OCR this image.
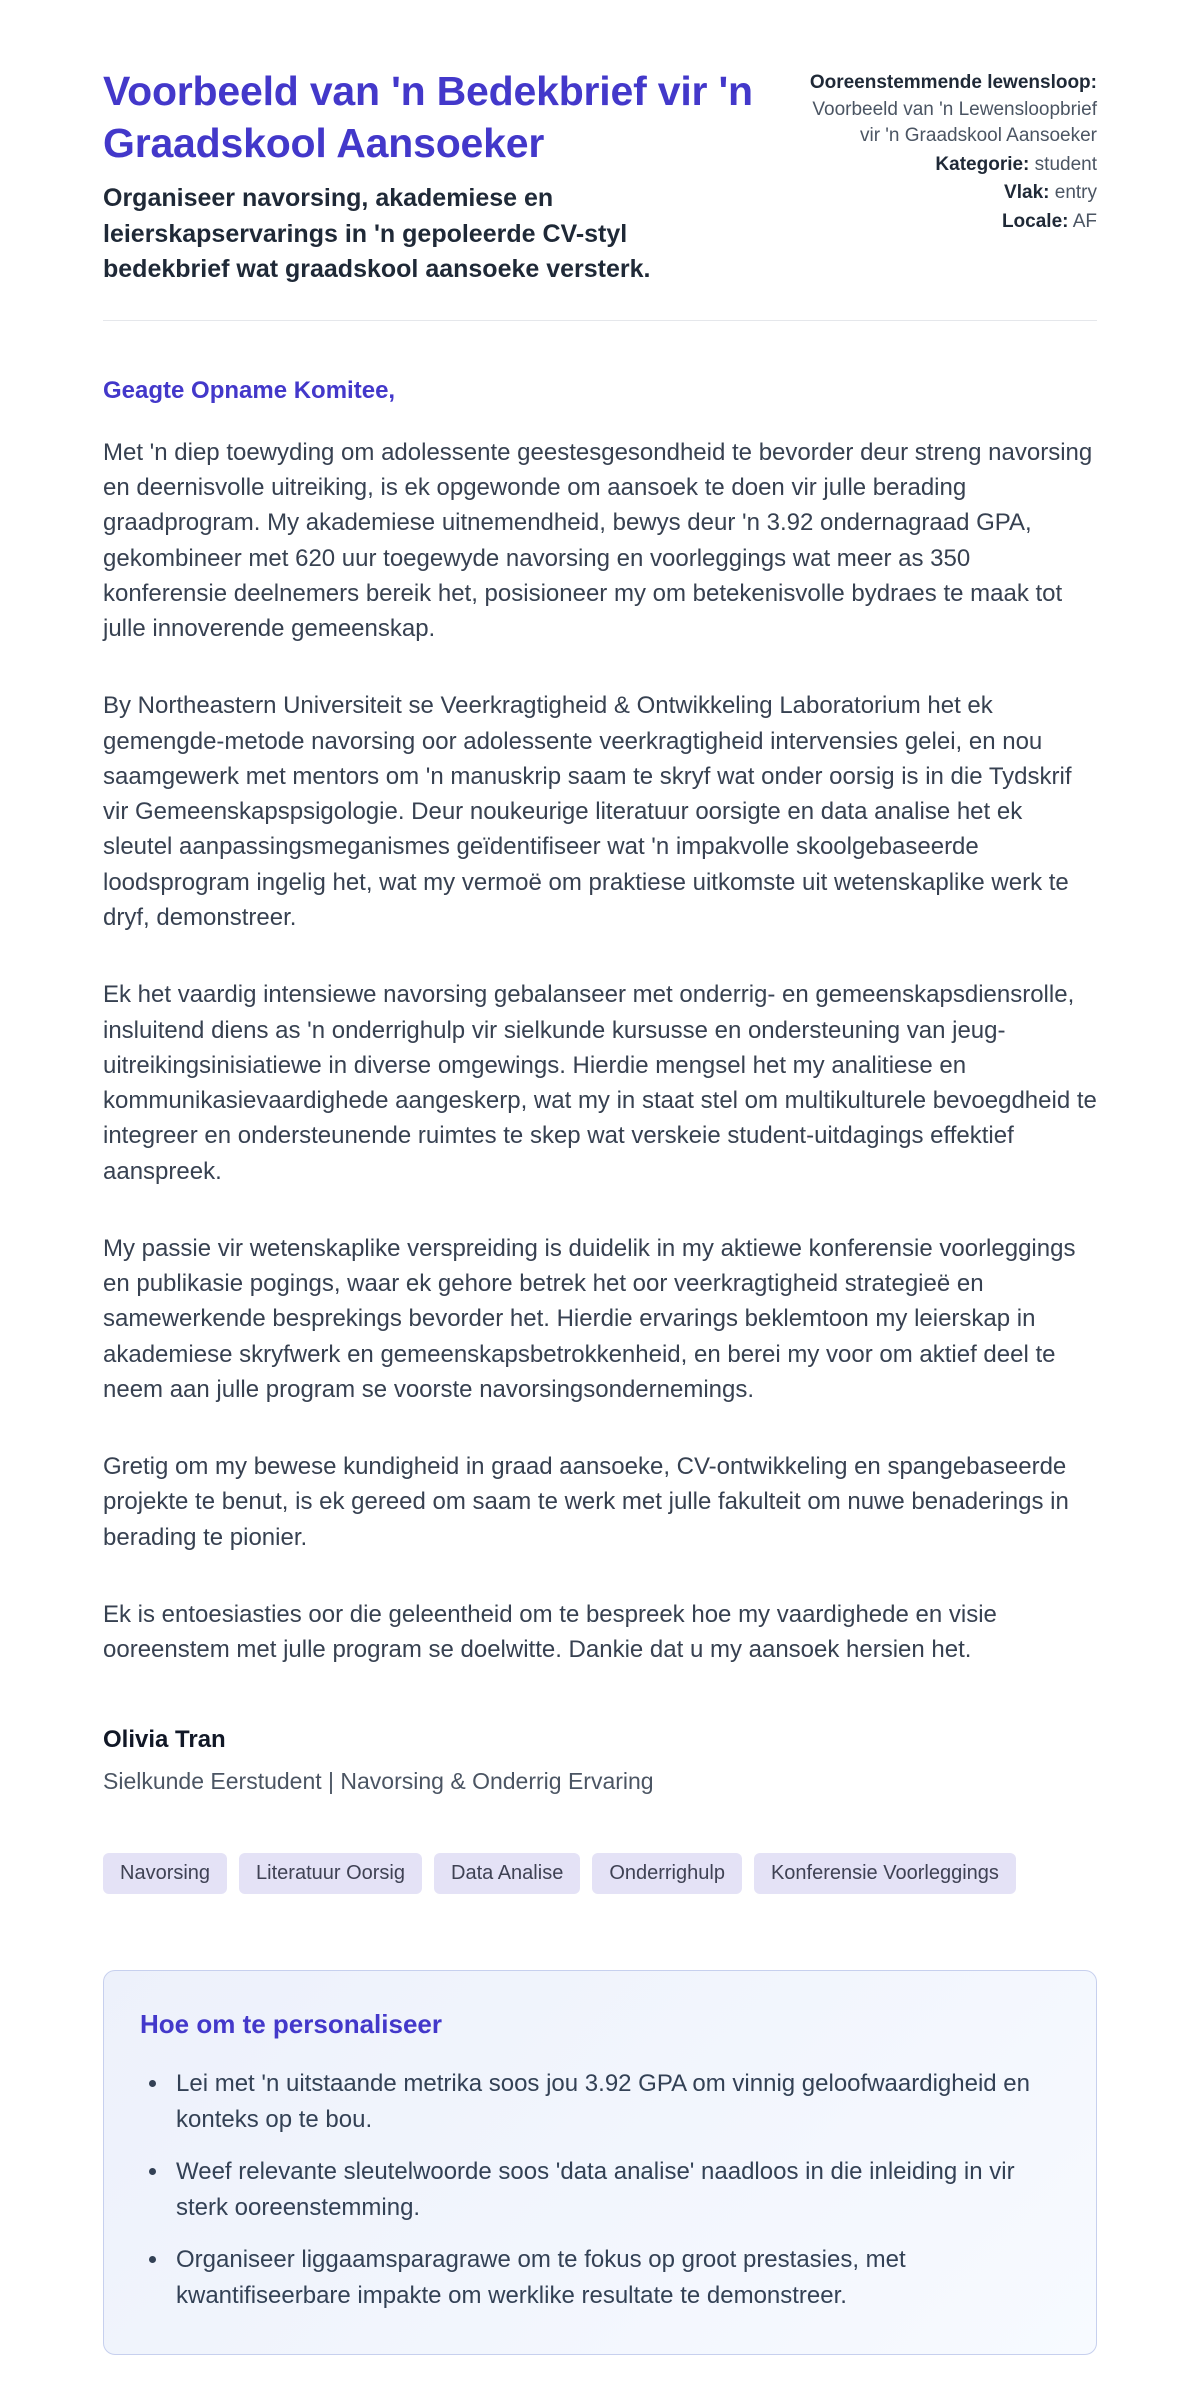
Voorbeeld van 'n Bedekbrief vir 'n Graadskool Aansoeker

Organiseer navorsing, akademiese en leierskapservarings in 'n gepoleerde CV-styl bedekbrief wat graadskool aansoeke versterk.

Ooreenstemmende lewensloop: Voorbeeld van 'n Lewensloopbrief vir 'n Graadskool Aansoeker
Kategorie: student
Vlak: entry
Locale: AF

Geagte Opname Komitee,

Met 'n diep toewyding om adolessente geestesgesondheid te bevorder deur streng navorsing en deernisvolle uitreiking, is ek opgewonde om aansoek te doen vir julle berading graadprogram. My akademiese uitnemendheid, bewys deur 'n 3.92 ondernagraad GPA, gekombineer met 620 uur toegewyde navorsing en voorleggings wat meer as 350 konferensie deelnemers bereik het, posisioneer my om betekenisvolle bydraes te maak tot julle innoverende gemeenskap.

By Northeastern Universiteit se Veerkragtigheid & Ontwikkeling Laboratorium het ek gemengde-metode navorsing oor adolessente veerkragtigheid intervensies gelei, en nou saamgewerk met mentors om 'n manuskrip saam te skryf wat onder oorsig is in die Tydskrif vir Gemeenskapspsigologie. Deur noukeurige literatuur oorsigte en data analise het ek sleutel aanpassingsmeganismes geïdentifiseer wat 'n impakvolle skoolgebaseerde loodsprogram ingelig het, wat my vermoë om praktiese uitkomste uit wetenskaplike werk te dryf, demonstreer.

Ek het vaardig intensiewe navorsing gebalanseer met onderrig- en gemeenskapsdiensrolle, insluitend diens as 'n onderrighulp vir sielkunde kursusse en ondersteuning van jeug-uitreikingsinisiatiewe in diverse omgewings. Hierdie mengsel het my analitiese en kommunikasievaardighede aangeskerp, wat my in staat stel om multikulturele bevoegdheid te integreer en ondersteunende ruimtes te skep wat verskeie student-uitdagings effektief aanspreek.

My passie vir wetenskaplike verspreiding is duidelik in my aktiewe konferensie voorleggings en publikasie pogings, waar ek gehore betrek het oor veerkragtigheid strategieë en samewerkende besprekings bevorder het. Hierdie ervarings beklemtoon my leierskap in akademiese skryfwerk en gemeenskapsbetrokkenheid, en berei my voor om aktief deel te neem aan julle program se voorste navorsingsondernemings.

Gretig om my bewese kundigheid in graad aansoeke, CV-ontwikkeling en spangebaseerde projekte te benut, is ek gereed om saam te werk met julle fakulteit om nuwe benaderings in berading te pionier.

Ek is entoesiasties oor die geleentheid om te bespreek hoe my vaardighede en visie ooreenstem met julle program se doelwitte. Dankie dat u my aansoek hersien het.

Olivia Tran

Sielkunde Eerstudent | Navorsing & Onderrig Ervaring

Navorsing	Literatuur Oorsig	Data Analise	Onderrighulp	Konferensie Voorleggings
Hoe om te personaliseer
• Lei met 'n uitstaande metrika soos jou 3.92 GPA om vinnig geloofwaardigheid en konteks op te bou.
• Weef relevante sleutelwoorde soos 'data analise' naadloos in die inleiding in vir sterk ooreenstemming.
• Organiseer liggaamsparagrawe om te fokus op groot prestasies, met kwantifiseerbare impakte om werklike resultate te demonstreer.
